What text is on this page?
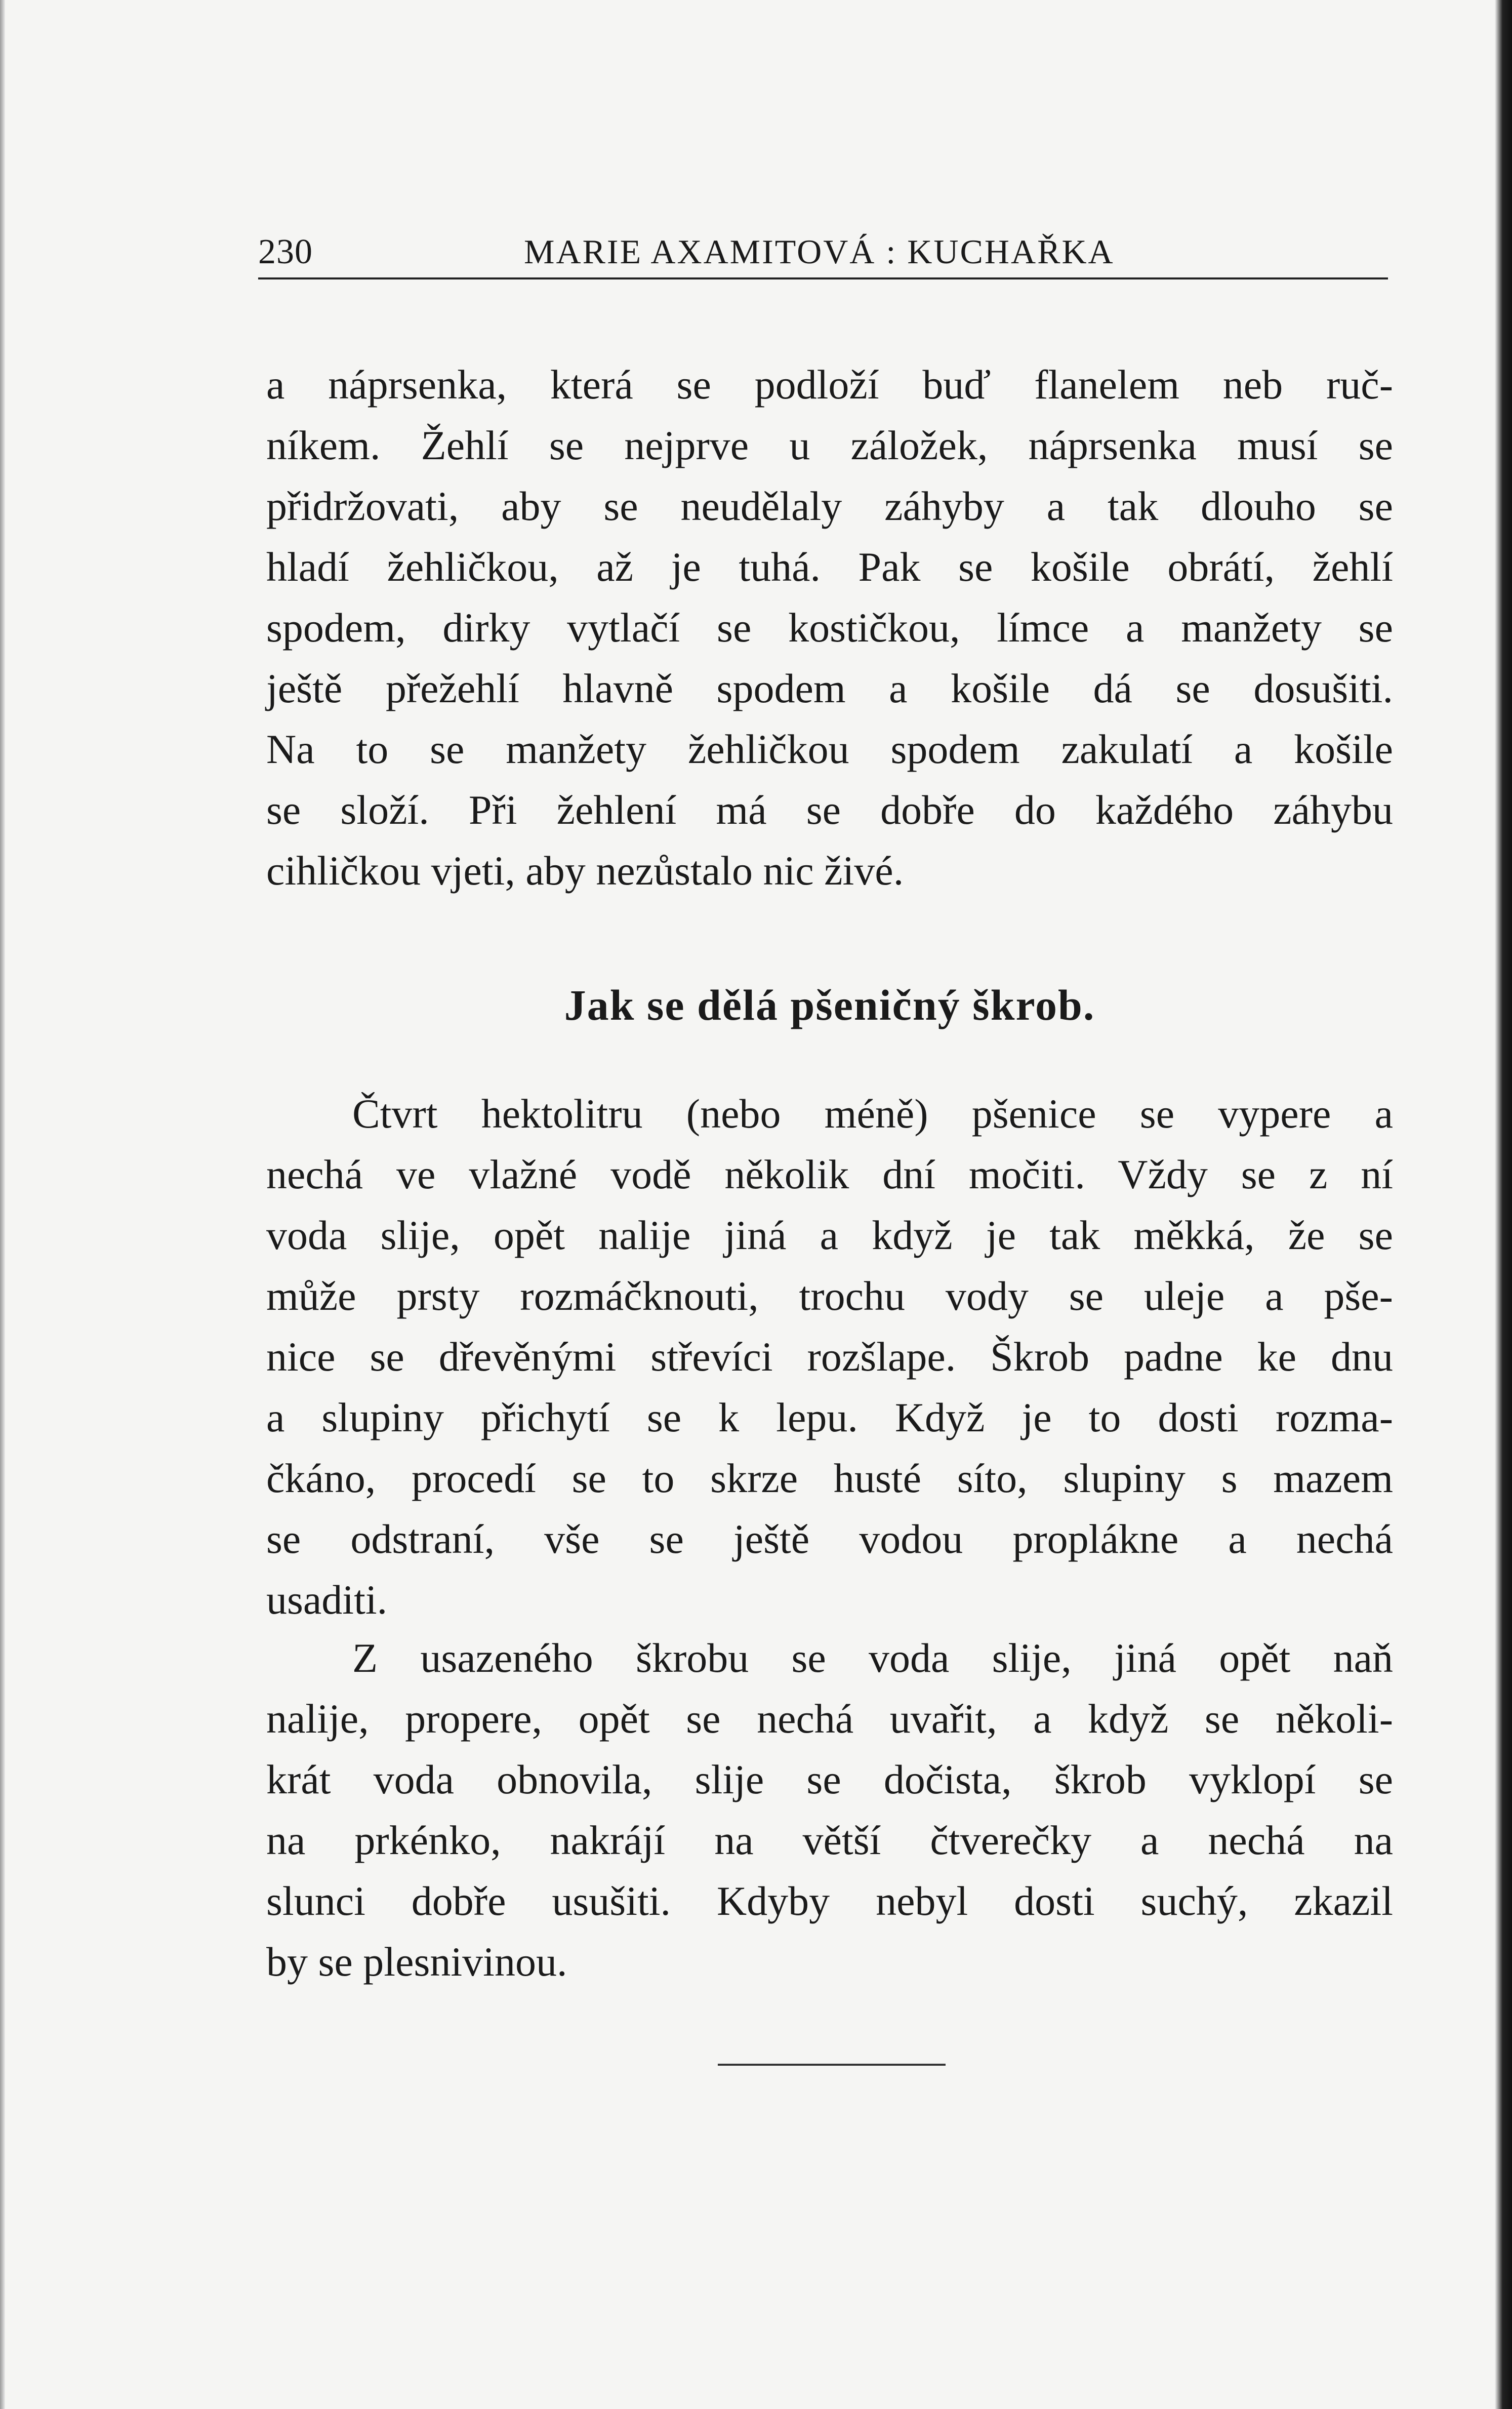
230	MARIE AXAMITOVÁ : KUCHAŘKA
a náprsenka, která se podloží buď flanelem neb ruč-
níkem. Žehlí se nejprve u záložek, náprsenka musí se
přidržovati, aby se neudělaly záhyby a tak dlouho se
hladí žehličkou, až je tuhá. Pak se košile obrátí, žehlí
spodem, dirky vytlačí se kostičkou, límce a manžety se
ještě přežehlí hlavně spodem a košile dá se dosušiti.
Na to se manžety žehličkou spodem zakulatí a košile
se složí. Při žehlení má se dobře do každého záhybu
cihličkou vjeti, aby nezůstalo nic živé.
Jak se dělá pšeničný škrob.
Čtvrt hektolitru (nebo méně) pšenice se vypere a
nechá ve vlažné vodě několik dní močiti. Vždy se z ní
voda slije, opět nalije jiná a když je tak měkká, že se
může prsty rozmáčknouti, trochu vody se uleje a pše-
nice se dřevěnými střevíci rozšlape. Škrob padne ke dnu
a slupiny přichytí se k lepu. Když je to dosti rozma-
čkáno, procedí se to skrze husté síto, slupiny s mazem
se odstraní, vše se ještě vodou propláknе a nechá
usaditi.
Z usazeného škrobu se voda slije, jiná opět naň
nalije, propere, opět se nechá uvařit, a když se několi-
krát voda obnovila, slije se dočista, škrob vyklopí se
na prkénko, nakrájí na větší čtverečky a nechá na
slunci dobře usušiti. Kdyby nebyl dosti suchý, zkazil
by se plesnivinou.
